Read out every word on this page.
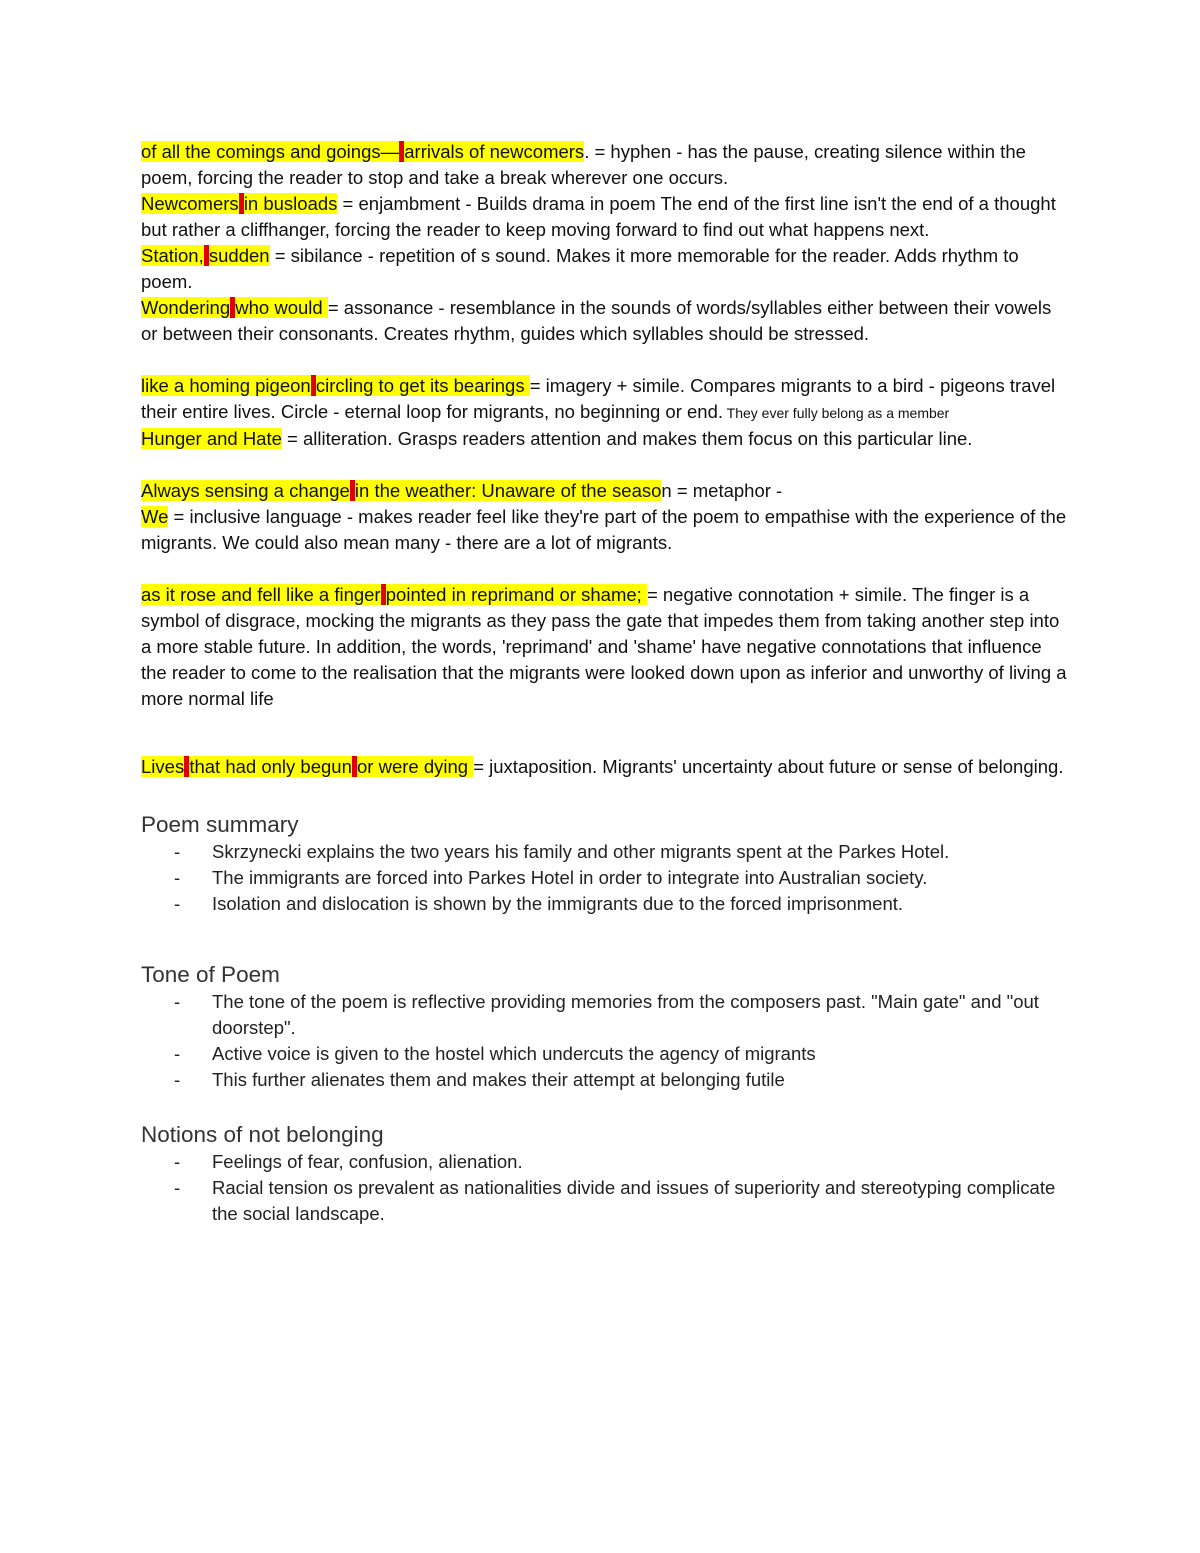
of all the comings and goings— arrivals of newcomers. = hyphen - has the pause, creating silence within the poem, forcing the reader to stop and take a break wherever one occurs.

Newcomers in busloads = enjambment - Builds drama in poem The end of the first line isn't the end of a thought but rather a cliffhanger, forcing the reader to keep moving forward to find out what happens next.

Station, sudden = sibilance - repetition of s sound. Makes it more memorable for the reader. Adds rhythm to poem.

Wondering who would = assonance - resemblance in the sounds of words/syllables either between their vowels or between their consonants. Creates rhythm, guides which syllables should be stressed.

like a homing pigeon circling to get its bearings = imagery + simile. Compares migrants to a bird - pigeons travel their entire lives. Circle - eternal loop for migrants, no beginning or end. They ever fully belong as a member

Hunger and Hate = alliteration. Grasps readers attention and makes them focus on this particular line.

Always sensing a change in the weather: Unaware of the season = metaphor -

We = inclusive language - makes reader feel like they're part of the poem to empathise with the experience of the migrants. We could also mean many - there are a lot of migrants.

as it rose and fell like a finger pointed in reprimand or shame; = negative connotation + simile. The finger is a symbol of disgrace, mocking the migrants as they pass the gate that impedes them from taking another step into a more stable future. In addition, the words, 'reprimand' and 'shame' have negative connotations that influence the reader to come to the realisation that the migrants were looked down upon as inferior and unworthy of living a more normal life

Lives that had only begun or were dying = juxtaposition. Migrants' uncertainty about future or sense of belonging.

Poem summary
- Skrzynecki explains the two years his family and other migrants spent at the Parkes Hotel.
- The immigrants are forced into Parkes Hotel in order to integrate into Australian society.
- Isolation and dislocation is shown by the immigrants due to the forced imprisonment.
Tone of Poem
- The tone of the poem is reflective providing memories from the composers past. "Main gate" and "out doorstep".
- Active voice is given to the hostel which undercuts the agency of migrants
- This further alienates them and makes their attempt at belonging futile
Notions of not belonging
- Feelings of fear, confusion, alienation.
- Racial tension os prevalent as nationalities divide and issues of superiority and stereotyping complicate the social landscape.
